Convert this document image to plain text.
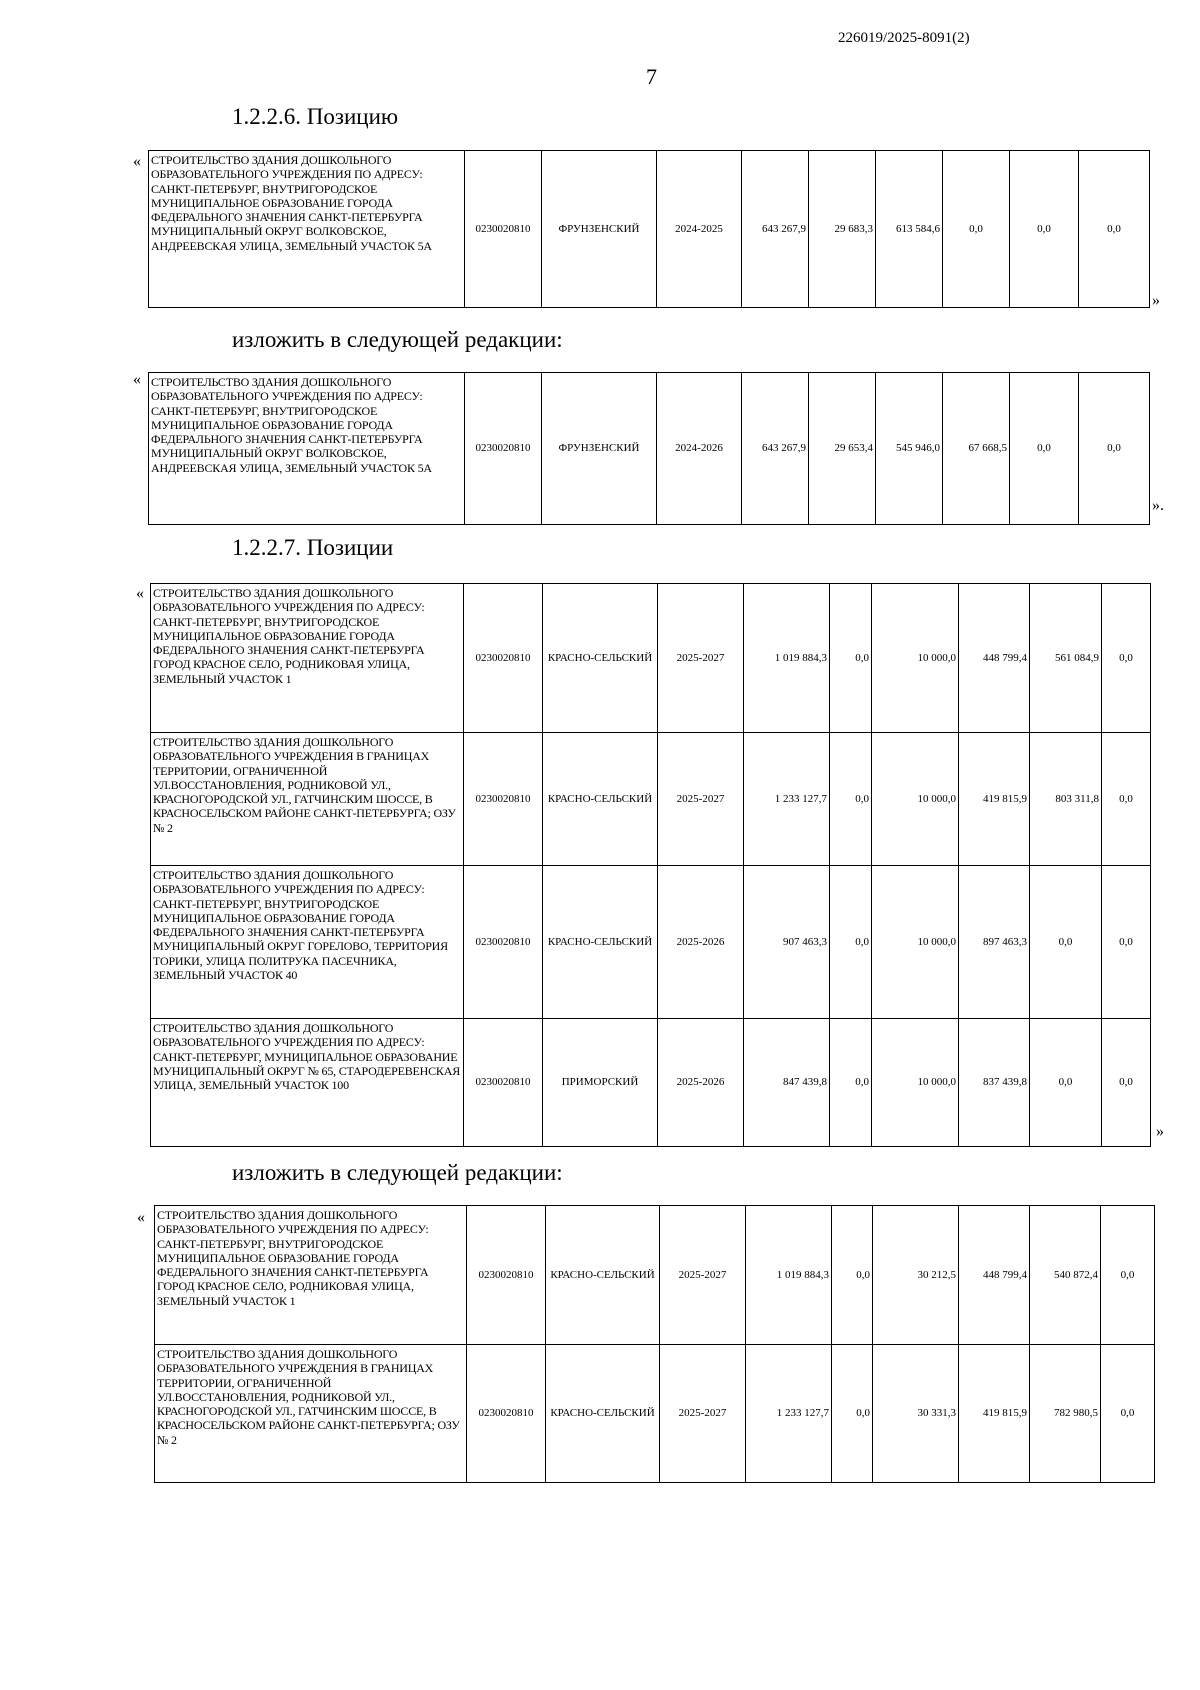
226019/2025-8091(2)
7
1.2.2.6. Позицию
изложить в следующей редакции:
1.2.2.7. Позиции
изложить в следующей редакции:
«
»
«
».
«
»
«
СТРОИТЕЛЬСТВО ЗДАНИЯ ДОШКОЛЬНОГО ОБРАЗОВАТЕЛЬНОГО УЧРЕЖДЕНИЯ ПО АДРЕСУ: САНКТ-ПЕТЕРБУРГ, ВНУТРИГОРОДСКОЕ МУНИЦИПАЛЬНОЕ ОБРАЗОВАНИЕ ГОРОДА ФЕДЕРАЛЬНОГО ЗНАЧЕНИЯ САНКТ-ПЕТЕРБУРГА МУНИЦИПАЛЬНЫЙ ОКРУГ ВОЛКОВСКОЕ, АНДРЕЕВСКАЯ УЛИЦА, ЗЕМЕЛЬНЫЙ УЧАСТОК 5А	0230020810	ФРУНЗЕНСКИЙ	2024-2025	643 267,9	29 683,3	613 584,6	0,0	0,0	0,0
СТРОИТЕЛЬСТВО ЗДАНИЯ ДОШКОЛЬНОГО ОБРАЗОВАТЕЛЬНОГО УЧРЕЖДЕНИЯ ПО АДРЕСУ: САНКТ-ПЕТЕРБУРГ, ВНУТРИГОРОДСКОЕ МУНИЦИПАЛЬНОЕ ОБРАЗОВАНИЕ ГОРОДА ФЕДЕРАЛЬНОГО ЗНАЧЕНИЯ САНКТ-ПЕТЕРБУРГА МУНИЦИПАЛЬНЫЙ ОКРУГ ВОЛКОВСКОЕ, АНДРЕЕВСКАЯ УЛИЦА, ЗЕМЕЛЬНЫЙ УЧАСТОК 5А	0230020810	ФРУНЗЕНСКИЙ	2024-2026	643 267,9	29 653,4	545 946,0	67 668,5	0,0	0,0
СТРОИТЕЛЬСТВО ЗДАНИЯ ДОШКОЛЬНОГО ОБРАЗОВАТЕЛЬНОГО УЧРЕЖДЕНИЯ ПО АДРЕСУ: САНКТ-ПЕТЕРБУРГ, ВНУТРИГОРОДСКОЕ МУНИЦИПАЛЬНОЕ ОБРАЗОВАНИЕ ГОРОДА ФЕДЕРАЛЬНОГО ЗНАЧЕНИЯ САНКТ-ПЕТЕРБУРГА ГОРОД КРАСНОЕ СЕЛО, РОДНИКОВАЯ УЛИЦА, ЗЕМЕЛЬНЫЙ УЧАСТОК 1	0230020810	КРАСНО-СЕЛЬСКИЙ	2025-2027	1 019 884,3	0,0	10 000,0	448 799,4	561 084,9	0,0
СТРОИТЕЛЬСТВО ЗДАНИЯ ДОШКОЛЬНОГО ОБРАЗОВАТЕЛЬНОГО УЧРЕЖДЕНИЯ В ГРАНИЦАХ ТЕРРИТОРИИ, ОГРАНИЧЕННОЙ УЛ.ВОССТАНОВЛЕНИЯ, РОДНИКОВОЙ УЛ., КРАСНОГОРОДСКОЙ УЛ., ГАТЧИНСКИМ ШОССЕ, В КРАСНОСЕЛЬСКОМ РАЙОНЕ САНКТ-ПЕТЕРБУРГА; ОЗУ № 2	0230020810	КРАСНО-СЕЛЬСКИЙ	2025-2027	1 233 127,7	0,0	10 000,0	419 815,9	803 311,8	0,0
СТРОИТЕЛЬСТВО ЗДАНИЯ ДОШКОЛЬНОГО ОБРАЗОВАТЕЛЬНОГО УЧРЕЖДЕНИЯ ПО АДРЕСУ: САНКТ-ПЕТЕРБУРГ, ВНУТРИГОРОДСКОЕ МУНИЦИПАЛЬНОЕ ОБРАЗОВАНИЕ ГОРОДА ФЕДЕРАЛЬНОГО ЗНАЧЕНИЯ САНКТ-ПЕТЕРБУРГА МУНИЦИПАЛЬНЫЙ ОКРУГ ГОРЕЛОВО, ТЕРРИТОРИЯ ТОРИКИ, УЛИЦА ПОЛИТРУКА ПАСЕЧНИКА, ЗЕМЕЛЬНЫЙ УЧАСТОК 40	0230020810	КРАСНО-СЕЛЬСКИЙ	2025-2026	907 463,3	0,0	10 000,0	897 463,3	0,0	0,0
СТРОИТЕЛЬСТВО ЗДАНИЯ ДОШКОЛЬНОГО ОБРАЗОВАТЕЛЬНОГО УЧРЕЖДЕНИЯ ПО АДРЕСУ: САНКТ-ПЕТЕРБУРГ, МУНИЦИПАЛЬНОЕ ОБРАЗОВАНИЕ МУНИЦИПАЛЬНЫЙ ОКРУГ № 65, СТАРОДЕРЕВЕНСКАЯ УЛИЦА, ЗЕМЕЛЬНЫЙ УЧАСТОК 100	0230020810	ПРИМОРСКИЙ	2025-2026	847 439,8	0,0	10 000,0	837 439,8	0,0	0,0
СТРОИТЕЛЬСТВО ЗДАНИЯ ДОШКОЛЬНОГО ОБРАЗОВАТЕЛЬНОГО УЧРЕЖДЕНИЯ ПО АДРЕСУ: САНКТ-ПЕТЕРБУРГ, ВНУТРИГОРОДСКОЕ МУНИЦИПАЛЬНОЕ ОБРАЗОВАНИЕ ГОРОДА ФЕДЕРАЛЬНОГО ЗНАЧЕНИЯ САНКТ-ПЕТЕРБУРГА ГОРОД КРАСНОЕ СЕЛО, РОДНИКОВАЯ УЛИЦА, ЗЕМЕЛЬНЫЙ УЧАСТОК 1	0230020810	КРАСНО-СЕЛЬСКИЙ	2025-2027	1 019 884,3	0,0	30 212,5	448 799,4	540 872,4	0,0
СТРОИТЕЛЬСТВО ЗДАНИЯ ДОШКОЛЬНОГО ОБРАЗОВАТЕЛЬНОГО УЧРЕЖДЕНИЯ В ГРАНИЦАХ ТЕРРИТОРИИ, ОГРАНИЧЕННОЙ УЛ.ВОССТАНОВЛЕНИЯ, РОДНИКОВОЙ УЛ., КРАСНОГОРОДСКОЙ УЛ., ГАТЧИНСКИМ ШОССЕ, В КРАСНОСЕЛЬСКОМ РАЙОНЕ САНКТ-ПЕТЕРБУРГА; ОЗУ № 2	0230020810	КРАСНО-СЕЛЬСКИЙ	2025-2027	1 233 127,7	0,0	30 331,3	419 815,9	782 980,5	0,0
